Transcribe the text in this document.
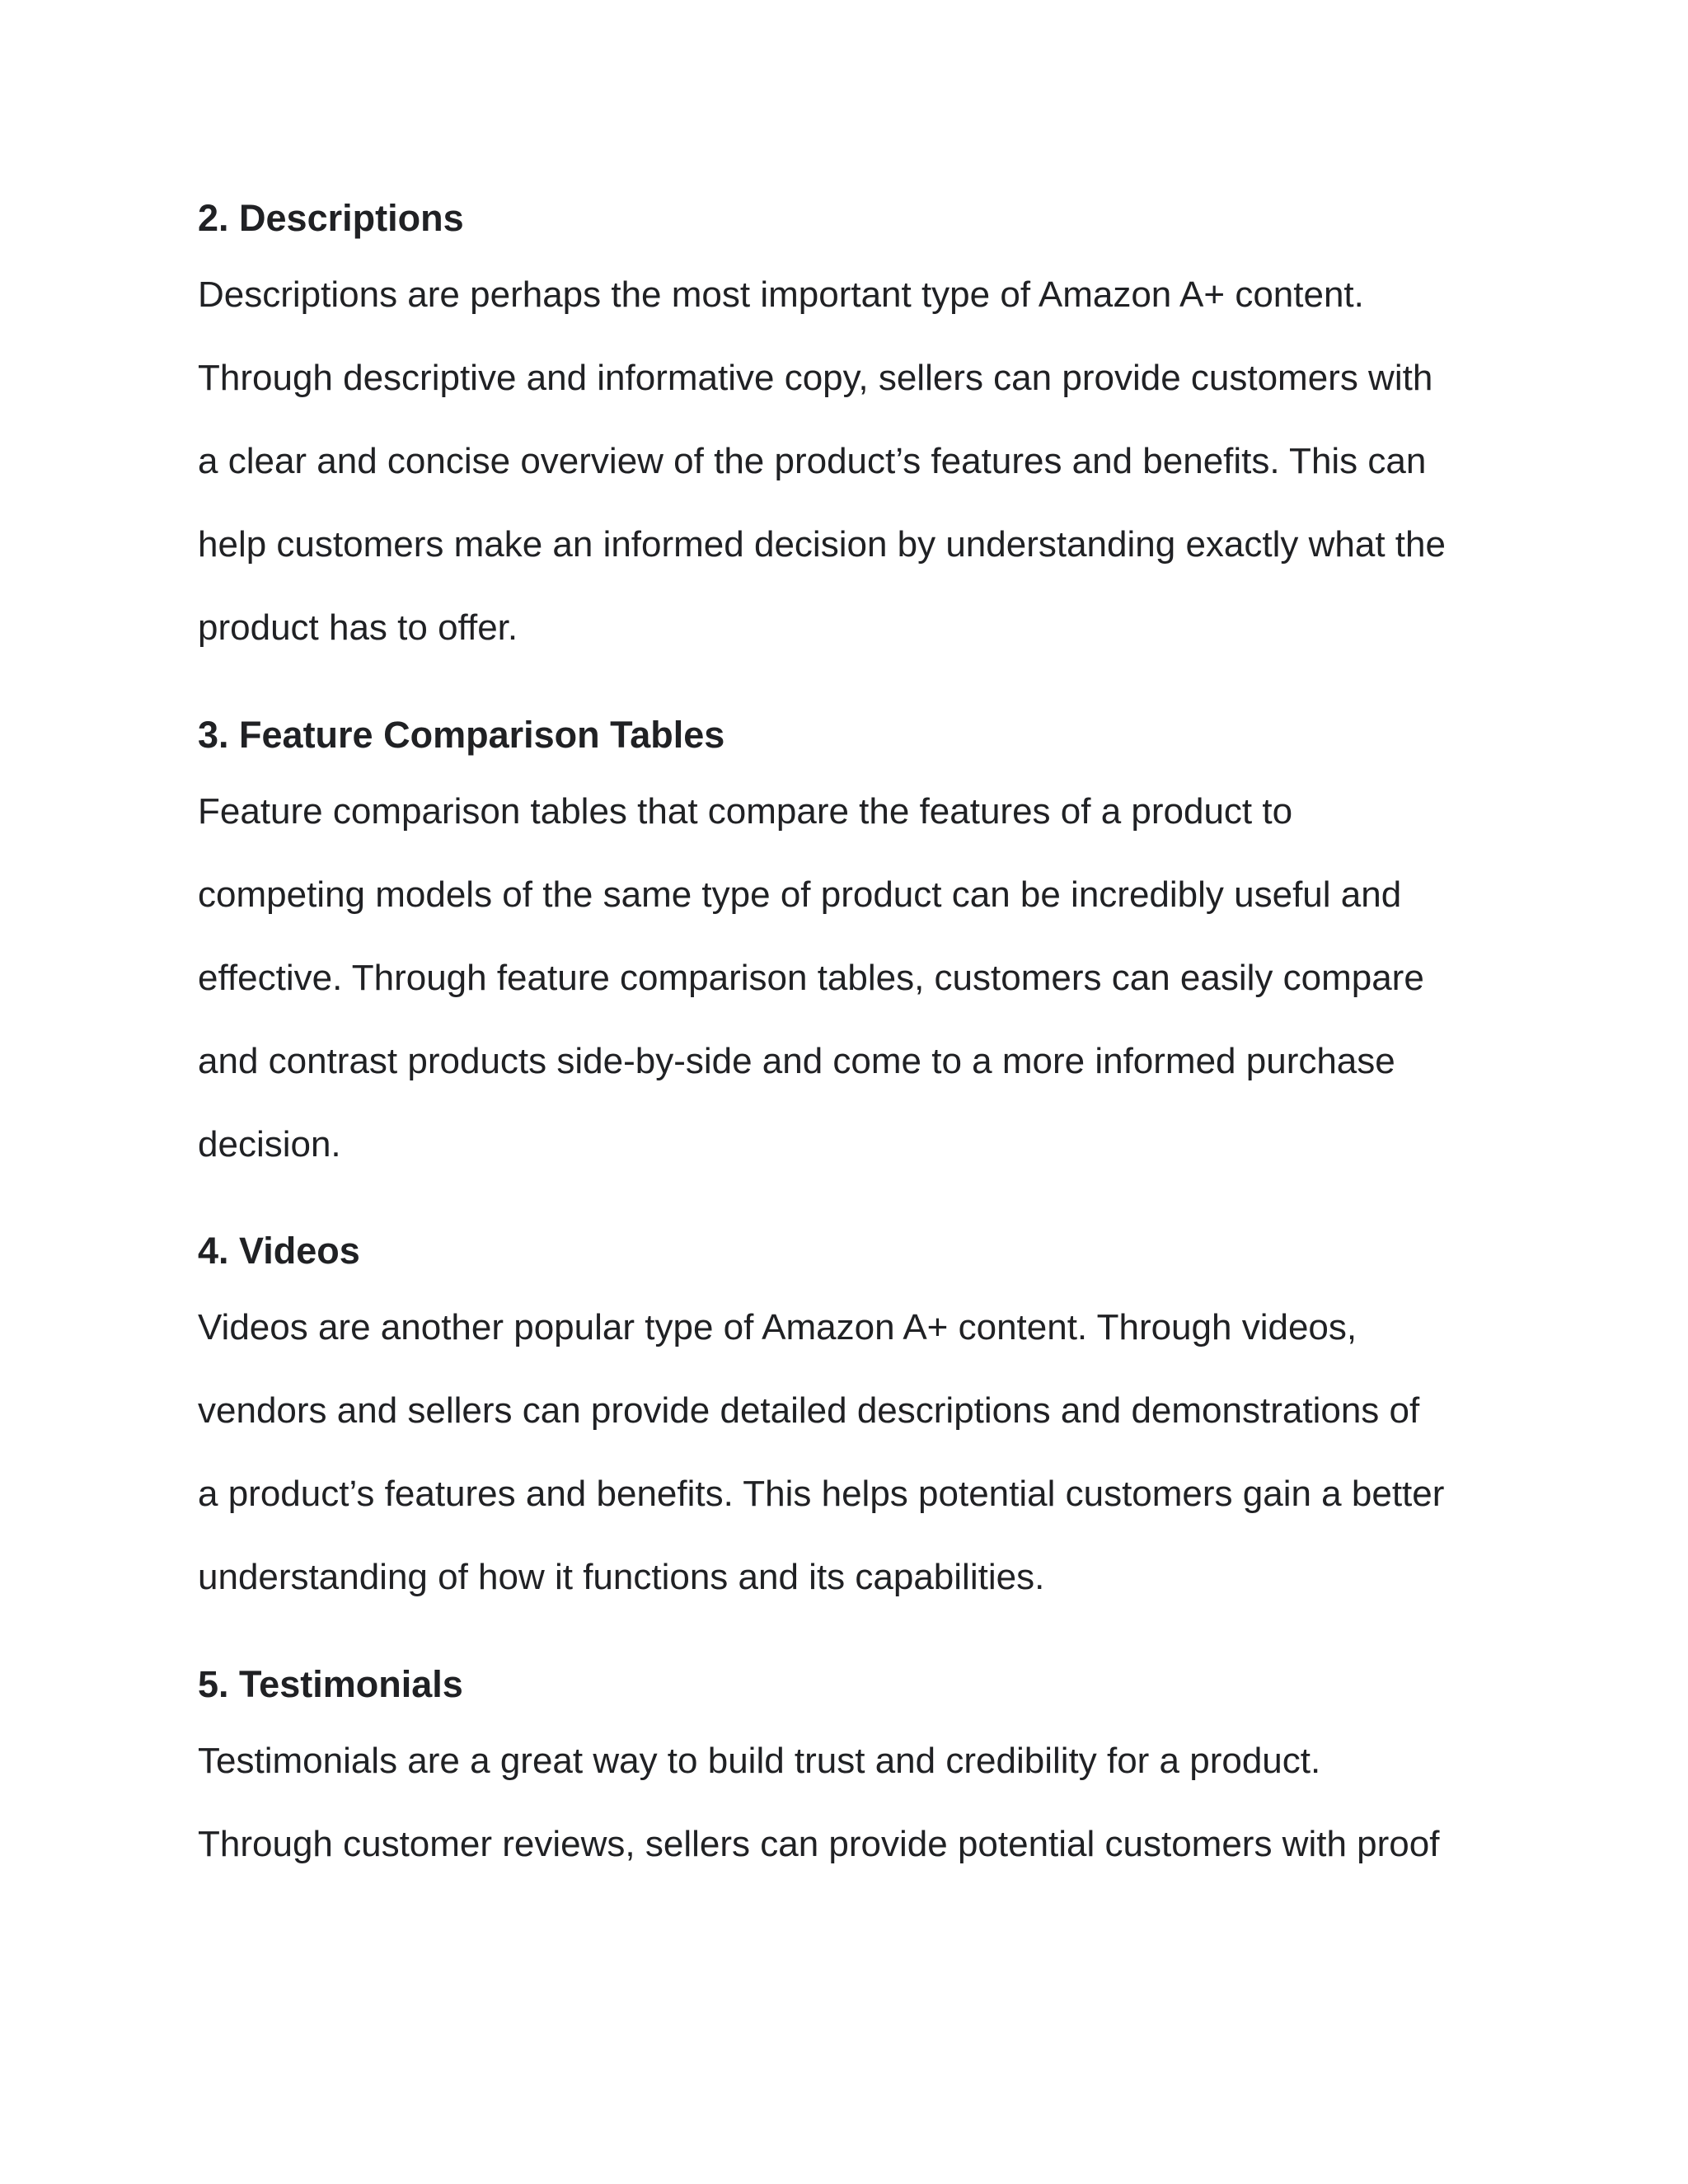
2. Descriptions

Descriptions are perhaps the most important type of Amazon A+ content.

Through descriptive and informative copy, sellers can provide customers with

a clear and concise overview of the product’s features and benefits. This can

help customers make an informed decision by understanding exactly what the

product has to offer.

3. Feature Comparison Tables

Feature comparison tables that compare the features of a product to

competing models of the same type of product can be incredibly useful and

effective. Through feature comparison tables, customers can easily compare

and contrast products side-by-side and come to a more informed purchase

decision.

4. Videos

Videos are another popular type of Amazon A+ content. Through videos,

vendors and sellers can provide detailed descriptions and demonstrations of

a product’s features and benefits. This helps potential customers gain a better

understanding of how it functions and its capabilities.

5. Testimonials

Testimonials are a great way to build trust and credibility for a product.

Through customer reviews, sellers can provide potential customers with proof
